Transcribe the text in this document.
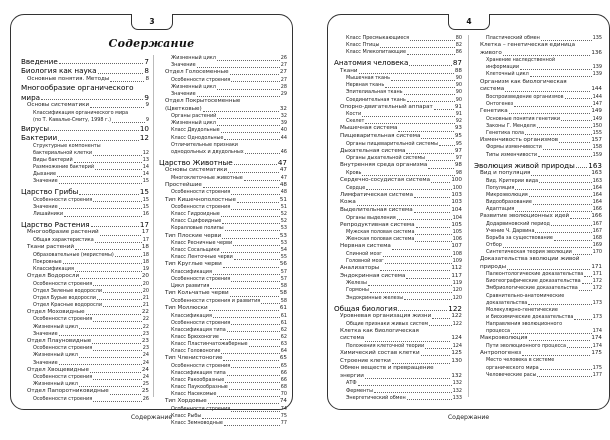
3
Содержание
Введение	7
Биология как наука	8
Основные понятия. Методы	8
Многообразие органического
мира	9
Основы систематики	9
Классификация органического мира
(по Т. Кавалье-Смиту, 1998 г.)	9
Вирусы	10
Бактерии	12
Структурные компоненты
бактериальной клетки	12
Виды бактерий	13
Размножение бактерий	14
Дыхание	14
Значение	15
Царство Грибы	15
Особенности строения	15
Значение	15
Лишайники	16
Царство Растения	17
Многообразие растений	17
Общая характеристика	17
Ткани растений	18
Образовательные (меристемы)	18
Покровные	18
Классификация	19
Отдел Водоросли	20
Особенности строения	20
Отдел Зеленые водоросли	20
Отдел Бурые водоросли	21
Отдел Красные водоросли	21
Отдел Моховидные	22
Особенности строения	22
Жизненный цикл	22
Значение	23
Отдел Плауновидные	23
Особенности строения	23
Жизненный цикл	24
Значение	24
Отдел Хвощевидные	24
Особенности строения	24
Жизненный цикл	25
Отдел Папоротниковидные	25
Особенности строения	26
Жизненный цикл	26
Значение	27
Отдел Голосеменные	27
Особенности строения	27
Жизненный цикл	28
Значение	29
Отдел Покрытосеменные
(Цветковые)	32
Органы растений	32
Жизненный цикл	39
Класс Двудольные	40
Класс Однодольные	44
Отличительные признаки
однодольных и двудольных	46
Царство Животные	47
Основы систематики	47
Многоклеточные животные	47
Простейшие	48
Особенности строения	48
Тип Кишечнополостные	51
Особенности строения	51
Класс Гидроидные	52
Класс Сцифоидные	52
Коралловые полипы	53
Тип Плоские черви	53
Класс Ресничные черви	53
Класс Сосальщики	54
Класс Ленточные черви	55
Тип Круглые черви	56
Классификация	57
Особенности строения	57
Цикл развития	58
Тип Кольчатые черви	58
Особенности строения и развития	58
Тип Моллюски	61
Классификация	61
Особенности строения	61
Классификация типа	62
Класс Брюхоногие	62
Класс Пластинчатожаберные	63
Класс Головоногие	64
Тип Членистоногие	65
Особенности строения	65
Классификация типа	66
Класс Ракообразные	66
Класс Паукообразные	68
Класс Насекомые	70
Тип Хордовые	74
Особенности строения	74
Класс Рыбы	75
Класс Земноводные	77
4
Класс Пресмыкающиеся	80
Класс Птицы	82
Класс Млекопитающие	86
Анатомия человека	87
Ткани	88
Мышечная ткань	90
Нервная ткань	90
Эпителиальная ткань	90
Соединительная ткань	90
Опорно-двигательный аппарат	91
Кости	91
Скелет	92
Мышечная система	93
Пищеварительная система	95
Органы пищеварительной системы	95
Дыхательная система	97
Органы дыхательной системы	97
Внутренняя среда организма	98
Кровь	98
Сердечно-сосудистая система	100
Сердце	100
Лимфатическая система	103
Кожа	103
Выделительная система	104
Органы выделения	104
Репродуктивная система	105
Мужская половая система	105
Женская половая система	106
Нервная система	107
Спинной мозг	108
Головной мозг	109
Анализаторы	112
Эндокринная система	117
Железы	119
Гормоны	120
Эндокринные железы	120
Общая биология	122
Уровневая организация жизни	122
Общие признаки живых систем	122
Клетка как биологическая
система	124
Положения клеточной теории	124
Химический состав клетки	125
Строение клетки	130
Обмен веществ и превращение
энергии	132
АТФ	132
Ферменты	132
Энергетический обмен	133
Пластический обмен	135
Клетка – генетическая единица
живого	136
Хранение наследственной
информации	139
Клеточный цикл	139
Организм как биологическая
система	144
Воспроизведение организмов	144
Онтогенез	147
Генетика	149
Основные понятия генетики	149
Законы Г. Менделя	150
Генетика пола	155
Изменчивость организмов	157
Формы изменчивости	158
Типы изменчивости	159
Эволюция живой природы 163
Вид и популяция	163
Вид. Критерии вида	163
Популяция	164
Микроэволюция	164
Видообразование	164
Адаптация	166
Развитие эволюционных идей	166
Додарвиновский период	167
Учение Ч. Дарвина	167
Борьба за существование	168
Отбор	169
Синтетическая теория эволюции	170
Доказательства эволюции живой
природы	171
Палеонтологические доказательства 171
Биогеографические доказательства 172
Эмбриологические доказательства	172
Сравнительно-анатомические
доказательства	173
Молекулярно-генетические
и биохимические доказательства	173
Направления эволюционного
процесса	174
Макроэволюция	174
Пути эволюционного процесса	174
Антропогенез	175
Место человека в системе
органического мира	175
Человеческие расы	177
Содержание	Содержание
